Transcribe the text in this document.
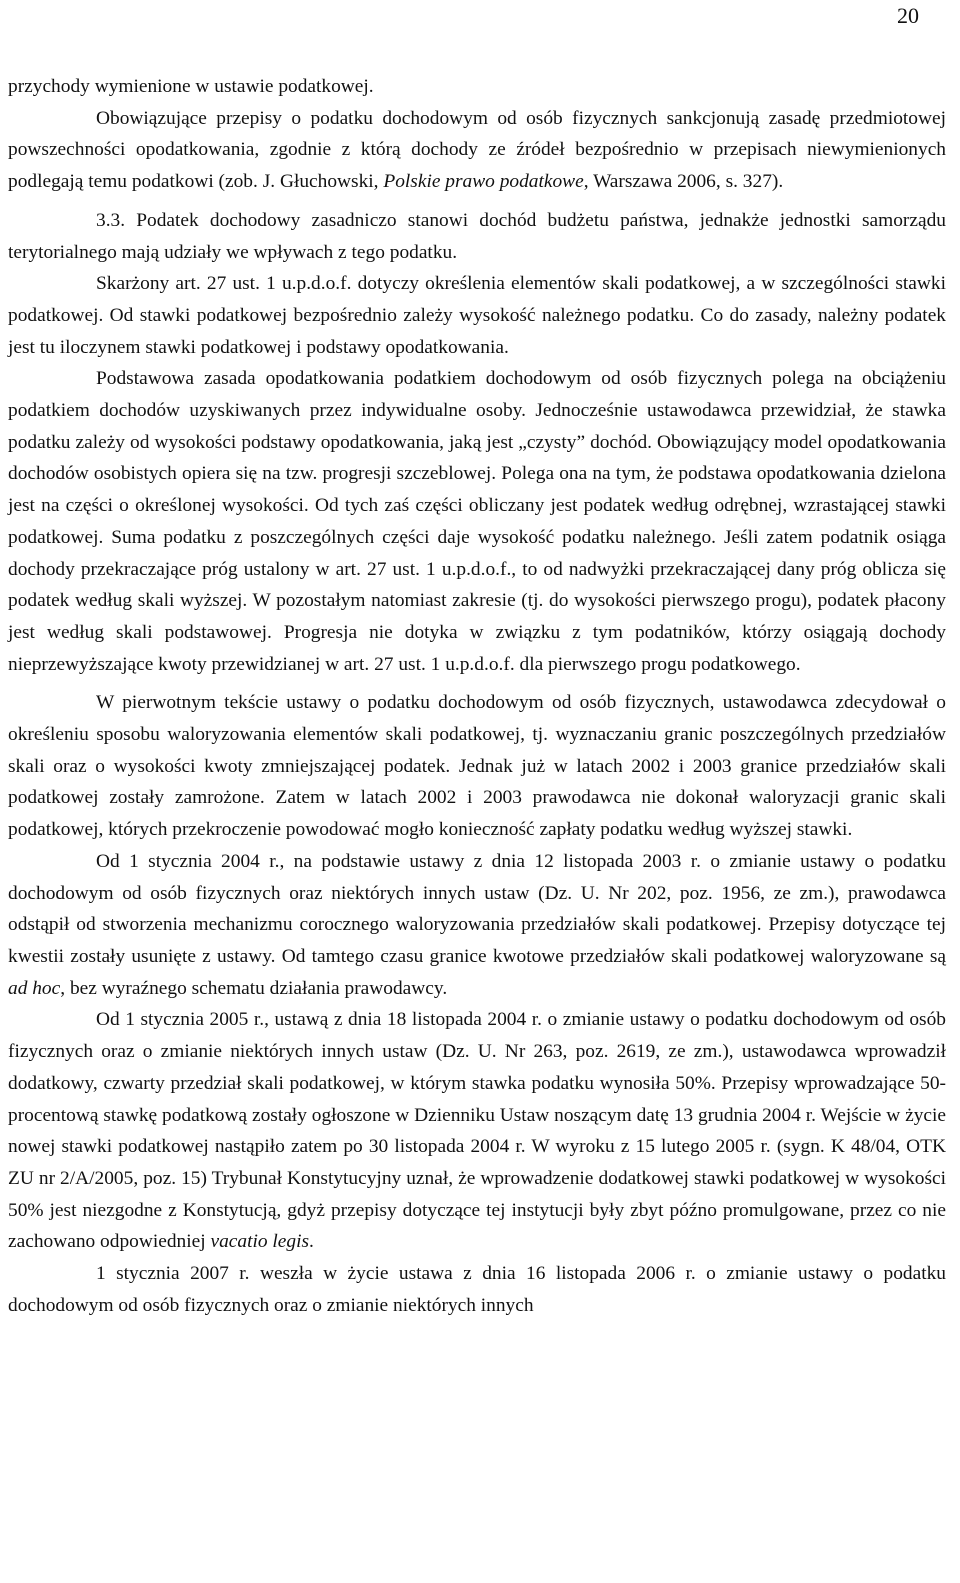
20

przychody wymienione w ustawie podatkowej.

Obowiązujące przepisy o podatku dochodowym od osób fizycznych sankcjonują zasadę przedmiotowej powszechności opodatkowania, zgodnie z którą dochody ze źródeł bezpośrednio w przepisach niewymienionych podlegają temu podatkowi (zob. J. Głuchowski, Polskie prawo podatkowe, Warszawa 2006, s. 327).

3.3. Podatek dochodowy zasadniczo stanowi dochód budżetu państwa, jednakże jednostki samorządu terytorialnego mają udziały we wpływach z tego podatku.

Skarżony art. 27 ust. 1 u.p.d.o.f. dotyczy określenia elementów skali podatkowej, a w szczególności stawki podatkowej. Od stawki podatkowej bezpośrednio zależy wysokość należnego podatku. Co do zasady, należny podatek jest tu iloczynem stawki podatkowej i podstawy opodatkowania.

Podstawowa zasada opodatkowania podatkiem dochodowym od osób fizycznych polega na obciążeniu podatkiem dochodów uzyskiwanych przez indywidualne osoby. Jednocześnie ustawodawca przewidział, że stawka podatku zależy od wysokości podstawy opodatkowania, jaką jest „czysty” dochód. Obowiązujący model opodatkowania dochodów osobistych opiera się na tzw. progresji szczeblowej. Polega ona na tym, że podstawa opodatkowania dzielona jest na części o określonej wysokości. Od tych zaś części obliczany jest podatek według odrębnej, wzrastającej stawki podatkowej. Suma podatku z poszczególnych części daje wysokość podatku należnego. Jeśli zatem podatnik osiąga dochody przekraczające próg ustalony w art. 27 ust. 1 u.p.d.o.f., to od nadwyżki przekraczającej dany próg oblicza się podatek według skali wyższej. W pozostałym natomiast zakresie (tj. do wysokości pierwszego progu), podatek płacony jest według skali podstawowej. Progresja nie dotyka w związku z tym podatników, którzy osiągają dochody nieprzewyższające kwoty przewidzianej w art. 27 ust. 1 u.p.d.o.f. dla pierwszego progu podatkowego.

W pierwotnym tekście ustawy o podatku dochodowym od osób fizycznych, ustawodawca zdecydował o określeniu sposobu waloryzowania elementów skali podatkowej, tj. wyznaczaniu granic poszczególnych przedziałów skali oraz o wysokości kwoty zmniejszającej podatek. Jednak już w latach 2002 i 2003 granice przedziałów skali podatkowej zostały zamrożone. Zatem w latach 2002 i 2003 prawodawca nie dokonał waloryzacji granic skali podatkowej, których przekroczenie powodować mogło konieczność zapłaty podatku według wyższej stawki.

Od 1 stycznia 2004 r., na podstawie ustawy z dnia 12 listopada 2003 r. o zmianie ustawy o podatku dochodowym od osób fizycznych oraz niektórych innych ustaw (Dz. U. Nr 202, poz. 1956, ze zm.), prawodawca odstąpił od stworzenia mechanizmu corocznego waloryzowania przedziałów skali podatkowej. Przepisy dotyczące tej kwestii zostały usunięte z ustawy. Od tamtego czasu granice kwotowe przedziałów skali podatkowej waloryzowane są ad hoc, bez wyraźnego schematu działania prawodawcy.

Od 1 stycznia 2005 r., ustawą z dnia 18 listopada 2004 r. o zmianie ustawy o podatku dochodowym od osób fizycznych oraz o zmianie niektórych innych ustaw (Dz. U. Nr 263, poz. 2619, ze zm.), ustawodawca wprowadził dodatkowy, czwarty przedział skali podatkowej, w którym stawka podatku wynosiła 50%. Przepisy wprowadzające 50-procentową stawkę podatkową zostały ogłoszone w Dzienniku Ustaw noszącym datę 13 grudnia 2004 r. Wejście w życie nowej stawki podatkowej nastąpiło zatem po 30 listopada 2004 r. W wyroku z 15 lutego 2005 r. (sygn. K 48/04, OTK ZU nr 2/A/2005, poz. 15) Trybunał Konstytucyjny uznał, że wprowadzenie dodatkowej stawki podatkowej w wysokości 50% jest niezgodne z Konstytucją, gdyż przepisy dotyczące tej instytucji były zbyt późno promulgowane, przez co nie zachowano odpowiedniej vacatio legis.

1 stycznia 2007 r. weszła w życie ustawa z dnia 16 listopada 2006 r. o zmianie ustawy o podatku dochodowym od osób fizycznych oraz o zmianie niektórych innych
